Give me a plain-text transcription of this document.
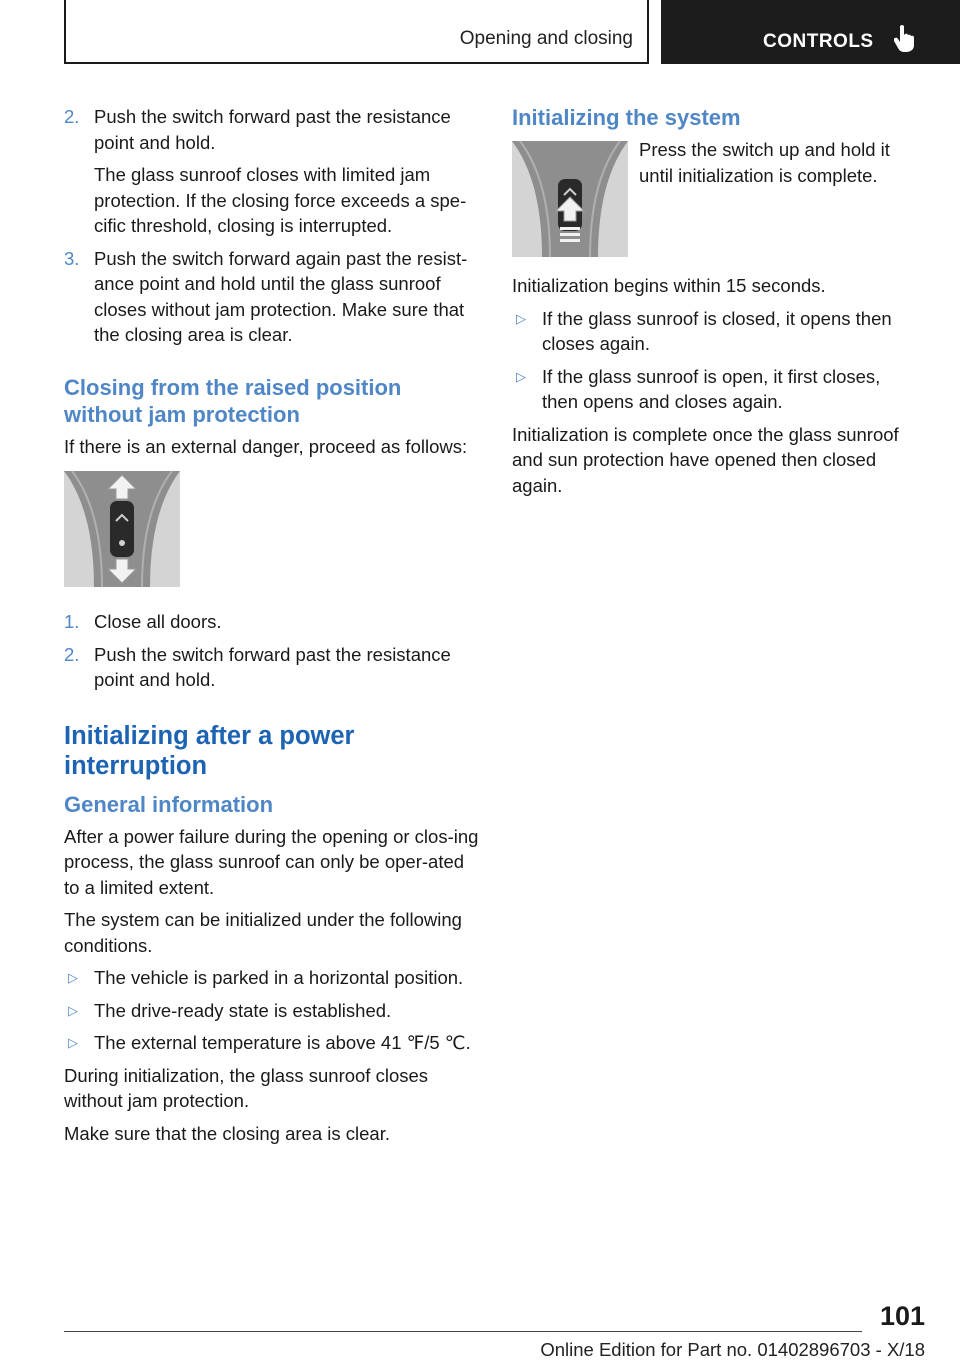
Opening and closing	CONTROLS
2. Push the switch forward past the resistance point and hold.
The glass sunroof closes with limited jam protection. If the closing force exceeds a spe‐cific threshold, closing is interrupted.
3. Push the switch forward again past the resist‐ance point and hold until the glass sunroof closes without jam protection. Make sure that the closing area is clear.
Closing from the raised position without jam protection

If there is an external danger, proceed as follows:

1. Close all doors.
2. Push the switch forward past the resistance point and hold.
Initializing after a power interruption
General information

After a power failure during the opening or clos‐ing process, the glass sunroof can only be oper‐ated to a limited extent.

The system can be initialized under the following conditions.

▷ The vehicle is parked in a horizontal position.
▷ The drive-ready state is established.
▷ The external temperature is above 41 ℉/5 ℃.

During initialization, the glass sunroof closes without jam protection.

Make sure that the closing area is clear.

Initializing the system

Press the switch up and hold it until initialization is complete.

Initialization begins within 15 seconds.

▷ If the glass sunroof is closed, it opens then closes again.
▷ If the glass sunroof is open, it first closes, then opens and closes again.

Initialization is complete once the glass sunroof and sun protection have opened then closed again.

101
Online Edition for Part no. 01402896703 - X/18
